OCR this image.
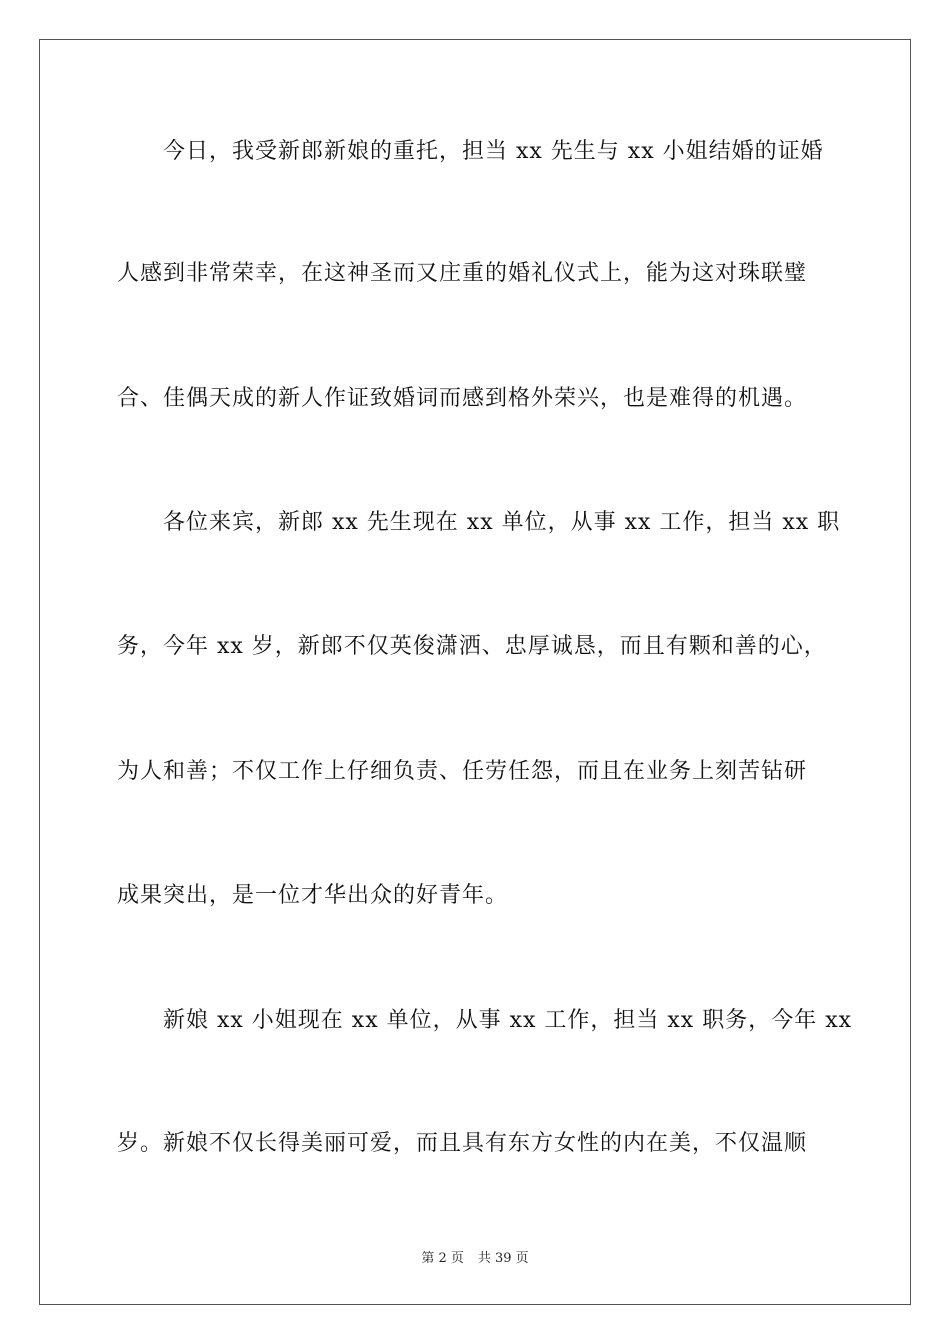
今日，我受新郎新娘的重托，担当 xx 先生与 xx 小姐结婚的证婚
人感到非常荣幸，在这神圣而又庄重的婚礼仪式上，能为这对珠联璧
合、佳偶天成的新人作证致婚词而感到格外荣兴，也是难得的机遇。
各位来宾，新郎 xx 先生现在 xx 单位，从事 xx 工作，担当 xx 职
务，今年 xx 岁，新郎不仅英俊潇洒、忠厚诚恳，而且有颗和善的心，
为人和善；不仅工作上仔细负责、任劳任怨，而且在业务上刻苦钻研
成果突出，是一位才华出众的好青年。
新娘 xx 小姐现在 xx 单位，从事 xx 工作，担当 xx 职务，今年 xx
岁。新娘不仅长得美丽可爱，而且具有东方女性的内在美，不仅温顺
第 2 页 共 39 页
